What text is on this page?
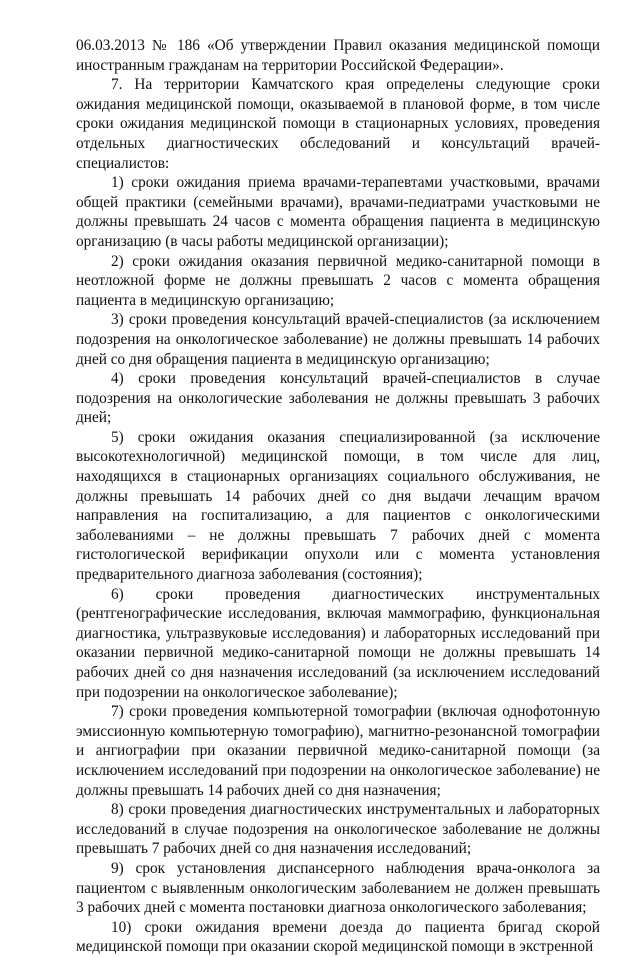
06.03.2013 № 186 «Об утверждении Правил оказания медицинской помощи иностранным гражданам на территории Российской Федерации».

7. На территории Камчатского края определены следующие сроки ожидания медицинской помощи, оказываемой в плановой форме, в том числе сроки ожидания медицинской помощи в стационарных условиях, проведения отдельных диагностических обследований и консультаций врачей-специалистов:

1) сроки ожидания приема врачами-терапевтами участковыми, врачами общей практики (семейными врачами), врачами-педиатрами участковыми не должны превышать 24 часов с момента обращения пациента в медицинскую организацию (в часы работы медицинской организации);

2) сроки ожидания оказания первичной медико-санитарной помощи в неотложной форме не должны превышать 2 часов с момента обращения пациента в медицинскую организацию;

3) сроки проведения консультаций врачей-специалистов (за исключением подозрения на онкологическое заболевание) не должны превышать 14 рабочих дней со дня обращения пациента в медицинскую организацию;

4) сроки проведения консультаций врачей-специалистов в случае подозрения на онкологические заболевания не должны превышать 3 рабочих дней;

5) сроки ожидания оказания специализированной (за исключение высокотехнологичной) медицинской помощи, в том числе для лиц, находящихся в стационарных организациях социального обслуживания, не должны превышать 14 рабочих дней со дня выдачи лечащим врачом направления на госпитализацию, а для пациентов с онкологическими заболеваниями – не должны превышать 7 рабочих дней с момента гистологической верификации опухоли или с момента установления предварительного диагноза заболевания (состояния);

6) сроки проведения диагностических инструментальных (рентгенографические исследования, включая маммографию, функциональная диагностика, ультразвуковые исследования) и лабораторных исследований при оказании первичной медико-санитарной помощи не должны превышать 14 рабочих дней со дня назначения исследований (за исключением исследований при подозрении на онкологическое заболевание);

7) сроки проведения компьютерной томографии (включая однофотонную эмиссионную компьютерную томографию), магнитно-резонансной томографии и ангиографии при оказании первичной медико-санитарной помощи (за исключением исследований при подозрении на онкологическое заболевание) не должны превышать 14 рабочих дней со дня назначения;

8) сроки проведения диагностических инструментальных и лабораторных исследований в случае подозрения на онкологическое заболевание не должны превышать 7 рабочих дней со дня назначения исследований;

9) срок установления диспансерного наблюдения врача-онколога за пациентом с выявленным онкологическим заболеванием не должен превышать 3 рабочих дней с момента постановки диагноза онкологического заболевания;

10) сроки ожидания времени доезда до пациента бригад скорой медицинской помощи при оказании скорой медицинской помощи в экстренной
